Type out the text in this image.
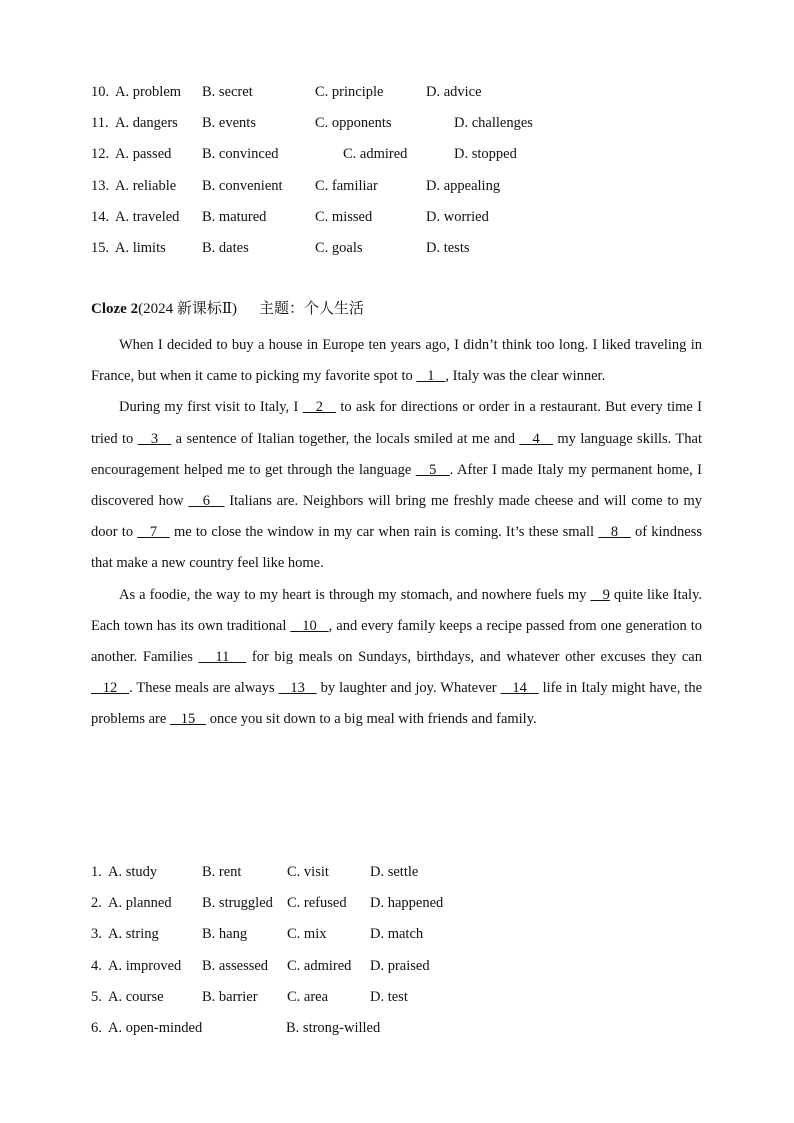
10. A. problem B. secret	C. principle	D. advice
11. A. dangers B. events	C. opponents	D. challenges
12. A. passed B. convinced	C. admired	D. stopped
13. A. reliable B. convenient C. familiar	D. appealing
14. A. traveled B. matured	C. missed	D. worried
15. A. limits B. dates	C. goals	D. tests
Cloze 2(2024 新课标Ⅱ) 主题：个人生活

When I decided to buy a house in Europe ten years ago, I didn’t think too long. I liked traveling in France, but when it came to picking my favorite spot to    1   , Italy was the clear winner.

During my first visit to Italy, I    2    to ask for directions or order in a restaurant. But every time I tried to    3    a sentence of Italian together, the locals smiled at me and    4    my language skills. That encouragement helped me to get through the language    5   . After I made Italy my permanent home, I discovered how    6    Italians are. Neighbors will bring me freshly made cheese and will come to my door to    7    me to close the window in my car when rain is coming. It’s these small    8    of kindness that make a new country feel like home.

As a foodie, the way to my heart is through my stomach, and nowhere fuels my    9 quite like Italy. Each town has its own traditional    10   , and every family keeps a recipe passed from one generation to another. Families    11    for big meals on Sundays, birthdays, and whatever other excuses they can    12   . These meals are always    13    by laughter and joy. Whatever    14    life in Italy might have, the problems are    15    once you sit down to a big meal with friends and family.

1. A. study	B. rent	C. visit	D. settle
2. A. planned B. struggled C. refused D. happened
3. A. string	B. hang	C. mix	D. match
4. A. improved B. assessed C. admired D. praised
5. A. course	B. barrier C. area	D. test
6. A. open-minded	B. strong-willed
